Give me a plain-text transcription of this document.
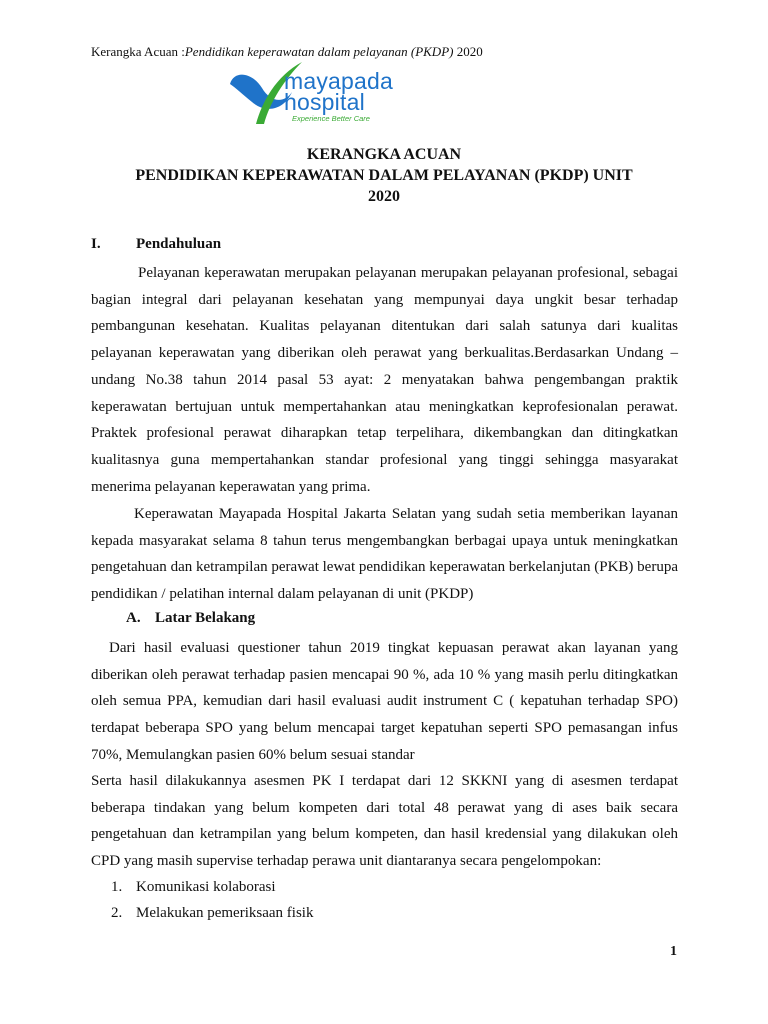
Kerangka Acuan :Pendidikan keperawatan dalam pelayanan (PKDP) 2020
mayapada
hospital
Experience Better Care
KERANGKA ACUAN
PENDIDIKAN KEPERAWATAN DALAM PELAYANAN (PKDP) UNIT
2020
I. Pendahuluan

Pelayanan keperawatan merupakan pelayanan merupakan pelayanan profesional, sebagai bagian integral dari pelayanan kesehatan yang mempunyai daya ungkit besar terhadap pembangunan kesehatan. Kualitas pelayanan ditentukan dari salah satunya dari kualitas pelayanan keperawatan yang diberikan oleh perawat yang berkualitas.Berdasarkan Undang – undang No.38 tahun 2014 pasal 53 ayat: 2 menyatakan bahwa pengembangan praktik keperawatan bertujuan untuk mempertahankan atau meningkatkan keprofesionalan perawat. Praktek profesional perawat diharapkan tetap terpelihara, dikembangkan dan ditingkatkan kualitasnya guna mempertahankan standar profesional yang tinggi sehingga masyarakat menerima pelayanan keperawatan yang prima.

Keperawatan Mayapada Hospital Jakarta Selatan yang sudah setia memberikan layanan kepada masyarakat selama 8 tahun terus mengembangkan berbagai upaya untuk meningkatkan pengetahuan dan ketrampilan perawat lewat pendidikan keperawatan berkelanjutan (PKB) berupa pendidikan / pelatihan internal dalam pelayanan di unit (PKDP)

A. Latar Belakang

Dari hasil evaluasi questioner tahun 2019 tingkat kepuasan perawat akan layanan yang diberikan oleh perawat terhadap pasien mencapai 90 %, ada 10 % yang masih perlu ditingkatkan oleh semua PPA, kemudian dari hasil evaluasi audit instrument C ( kepatuhan terhadap SPO) terdapat beberapa SPO yang belum mencapai target kepatuhan seperti SPO pemasangan infus 70%, Memulangkan pasien 60% belum sesuai standar

Serta hasil dilakukannya asesmen PK I terdapat dari 12 SKKNI yang di asesmen terdapat beberapa tindakan yang belum kompeten dari total 48 perawat yang di ases baik secara pengetahuan dan ketrampilan yang belum kompeten, dan hasil kredensial yang dilakukan oleh CPD yang masih supervise terhadap perawa unit diantaranya secara pengelompokan:

1. Komunikasi kolaborasi
2. Melakukan pemeriksaan fisik
1
